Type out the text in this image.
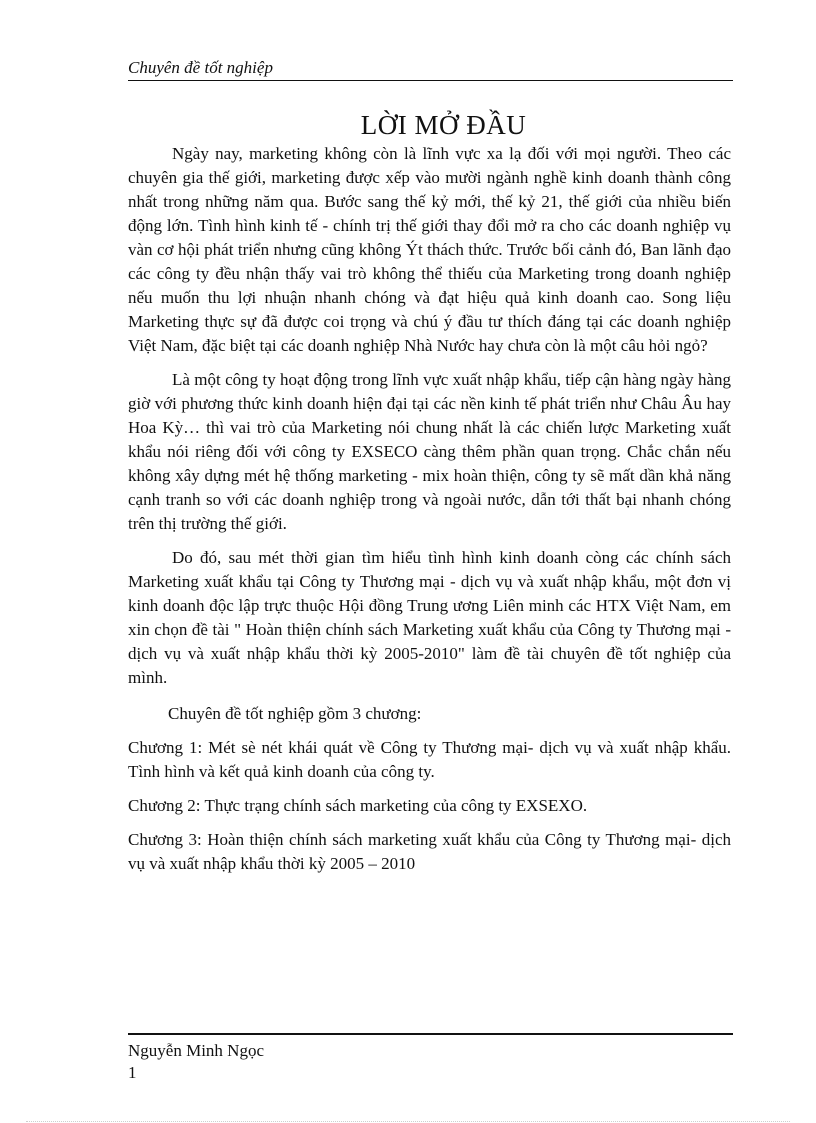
Chuyên đề tốt nghiệp
LỜI MỞ ĐẦU

Ngày nay, marketing không còn là lĩnh vực xa lạ đối với mọi người. Theo các chuyên gia thế giới, marketing được xếp vào mười ngành nghề kinh doanh thành công nhất trong những năm qua. Bước sang thế kỷ mới, thế kỷ 21, thế giới của nhiều biến động lớn. Tình hình kinh tế - chính trị thế giới thay đổi mở ra cho các doanh nghiệp vụ vàn cơ hội phát triển nhưng cũng không Ýt thách thức. Trước bối cảnh đó, Ban lãnh đạo các công ty đều nhận thấy vai trò không thể thiếu của Marketing trong doanh nghiệp nếu muốn thu lợi nhuận nhanh chóng và đạt hiệu quả kinh doanh cao. Song liệu Marketing thực sự đã được coi trọng và chú ý đầu tư thích đáng tại các doanh nghiệp Việt Nam, đặc biệt tại các doanh nghiệp Nhà Nước hay chưa còn là một câu hỏi ngỏ?

Là một công ty hoạt động trong lĩnh vực xuất nhập khẩu, tiếp cận hàng ngày hàng giờ với phương thức kinh doanh hiện đại tại các nền kinh tế phát triển như Châu Âu hay Hoa Kỳ… thì vai trò của Marketing nói chung nhất là các chiến lược Marketing xuất khẩu nói riêng đối với công ty EXSECO càng thêm phần quan trọng. Chắc chắn nếu không xây dựng mét hệ thống marketing - mix hoàn thiện, công ty sẽ mất dần khả năng cạnh tranh so với các doanh nghiệp trong và ngoài nước, dẫn tới thất bại nhanh chóng trên thị trường thế giới.

Do đó, sau mét thời gian tìm hiểu tình hình kinh doanh còng các chính sách Marketing xuất khẩu tại Công ty Thương mại - dịch vụ và xuất nhập khẩu, một đơn vị kinh doanh độc lập trực thuộc Hội đồng Trung ương Liên minh các HTX Việt Nam, em xin chọn đề tài " Hoàn thiện chính sách Marketing xuất khẩu của Công ty Thương mại - dịch vụ và xuất nhập khẩu thời kỳ 2005-2010" làm đề tài chuyên đề tốt nghiệp của mình.

Chuyên đề tốt nghiệp gồm 3 chương:

Chương 1: Mét sè nét khái quát về Công ty Thương mại- dịch vụ và xuất nhập khẩu. Tình hình và kết quả kinh doanh của công ty.

Chương 2: Thực trạng chính sách marketing của công ty EXSEXO.

Chương 3: Hoàn thiện chính sách marketing xuất khẩu của Công ty Thương mại- dịch vụ và xuất nhập khẩu thời kỳ 2005 – 2010

Nguyễn Minh Ngọc
1
